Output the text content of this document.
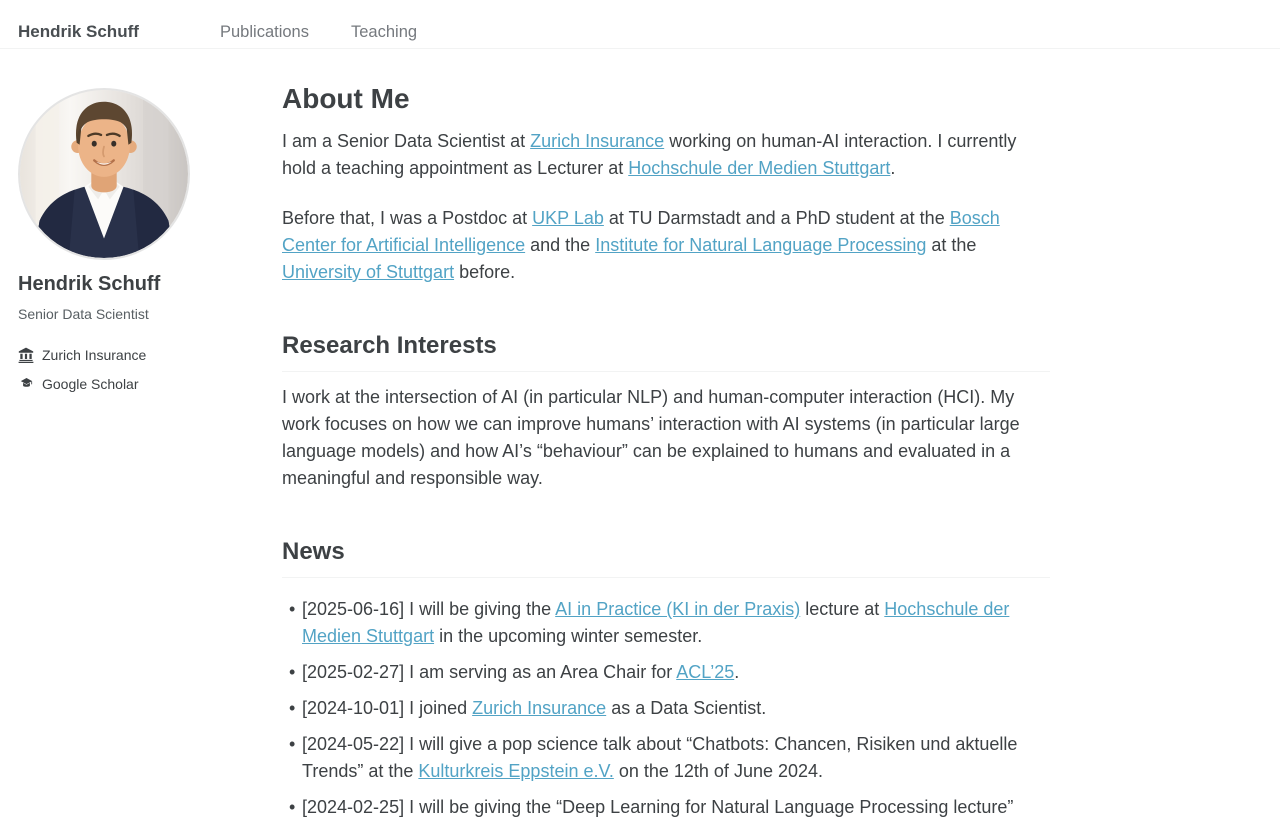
Hendrik Schuff	Publications	Teaching
Hendrik Schuff

Senior Data Scientist

Zurich Insurance
Google Scholar
About Me

I am a Senior Data Scientist at Zurich Insurance working on human-AI interaction. I currently hold a teaching appointment as Lecturer at Hochschule der Medien Stuttgart.

Before that, I was a Postdoc at UKP Lab at TU Darmstadt and a PhD student at the Bosch Center for Artificial Intelligence and the Institute for Natural Language Processing at the University of Stuttgart before.

Research Interests

I work at the intersection of AI (in particular NLP) and human-computer interaction (HCI). My work focuses on how we can improve humans’ interaction with AI systems (in particular large language models) and how AI’s “behaviour” can be explained to humans and evaluated in a meaningful and responsible way.

News
• [2025-06-16] I will be giving the AI in Practice (KI in der Praxis) lecture at Hochschule der Medien Stuttgart in the upcoming winter semester.
• [2025-02-27] I am serving as an Area Chair for ACL’25.
• [2024-10-01] I joined Zurich Insurance as a Data Scientist.
• [2024-05-22] I will give a pop science talk about “Chatbots: Chancen, Risiken und aktuelle Trends” at the Kulturkreis Eppstein e.V. on the 12th of June 2024.
• [2024-02-25] I will be giving the “Deep Learning for Natural Language Processing lecture”
